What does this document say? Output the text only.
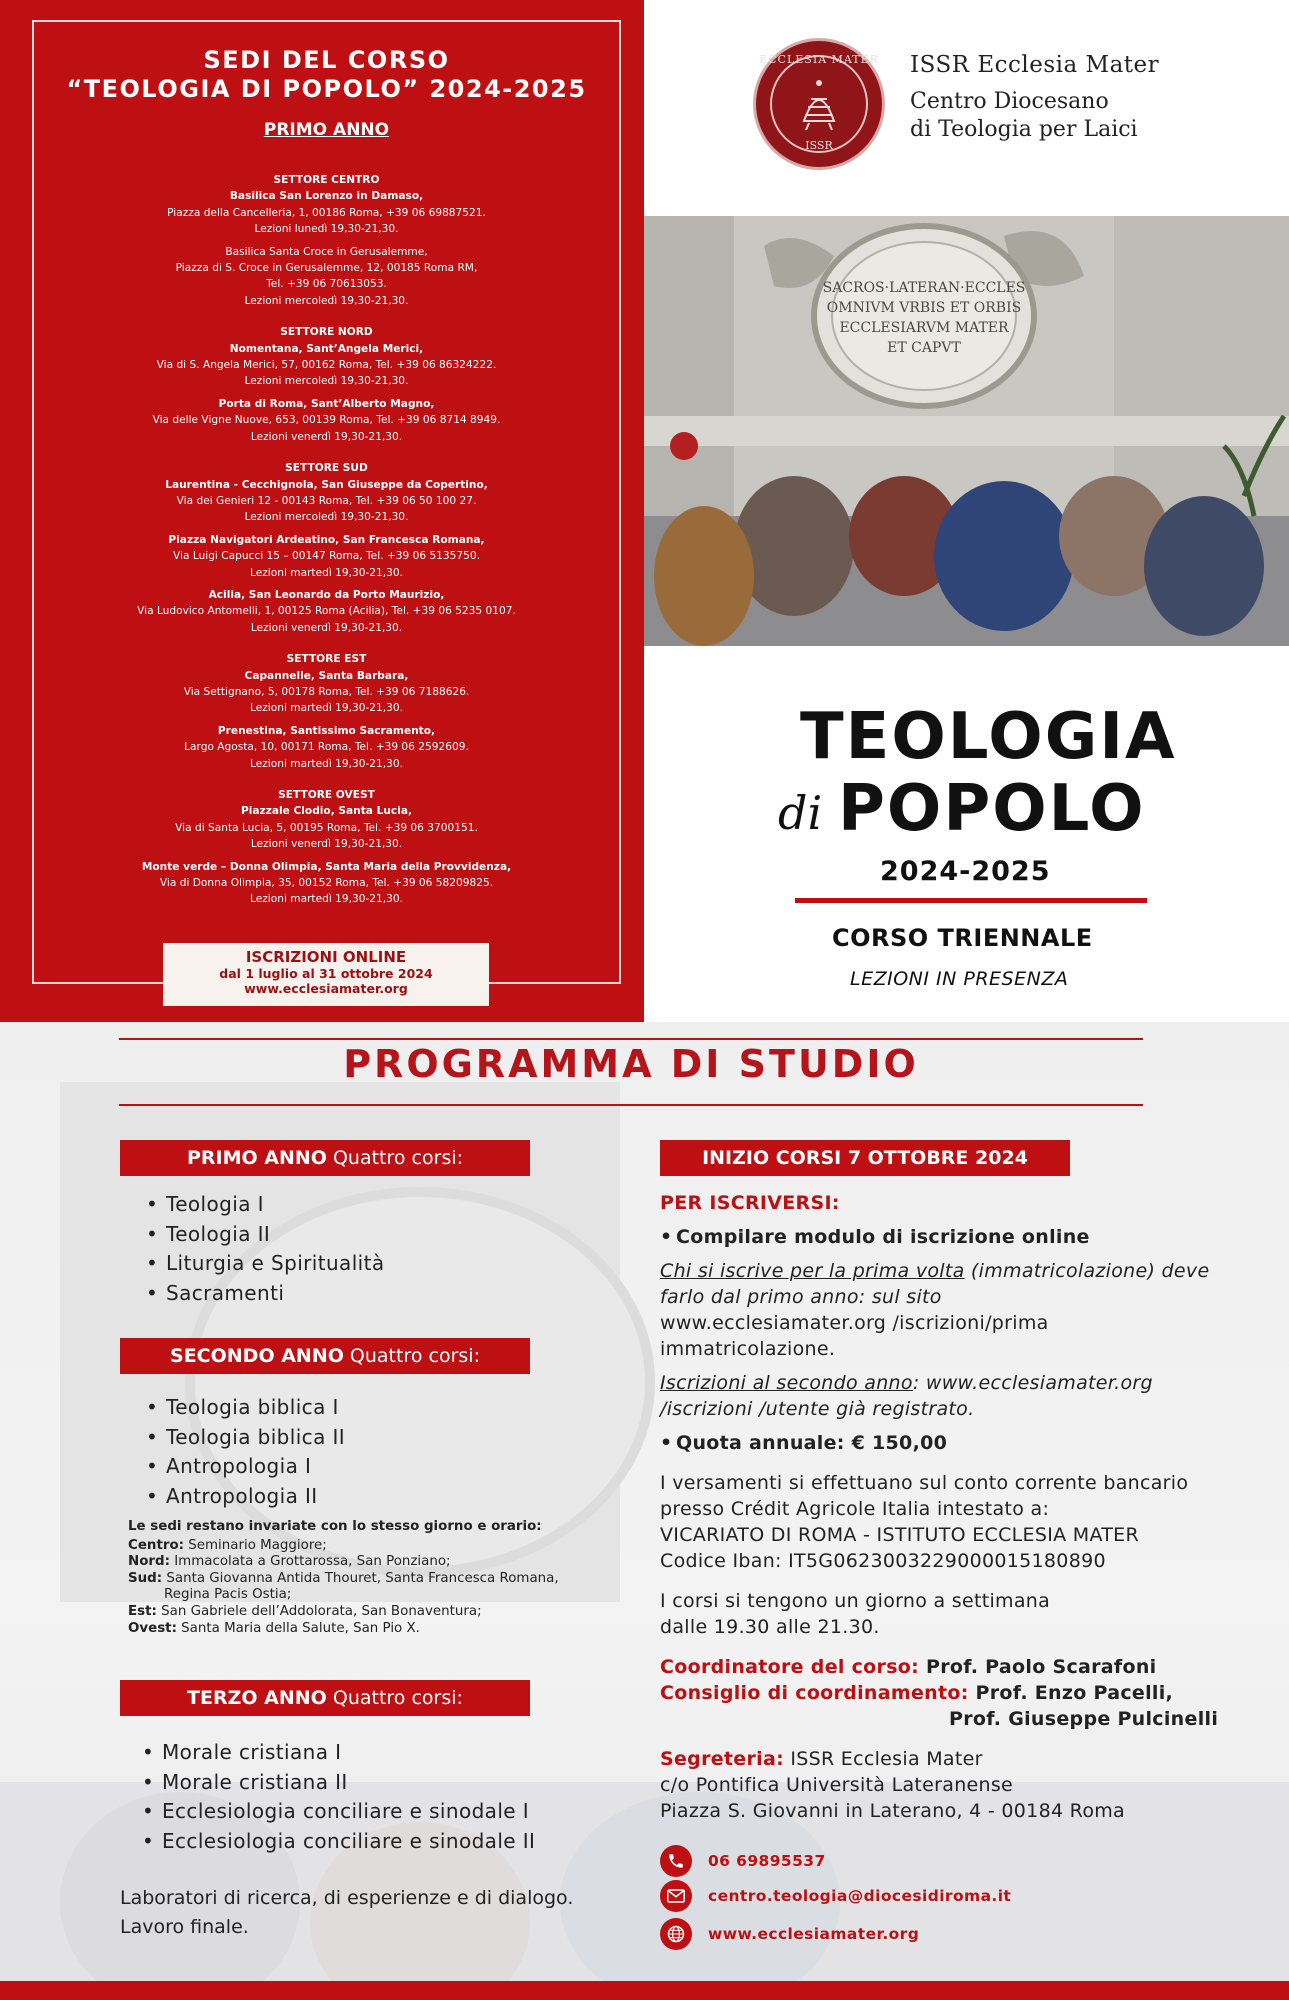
SEDI DEL CORSO
“TEOLOGIA DI POPOLO” 2024-2025
PRIMO ANNO
SETTORE CENTRO
Basilica San Lorenzo in Damaso,
Piazza della Cancelleria, 1, 00186 Roma, +39 06 69887521.
Lezioni lunedì 19,30-21,30.
Basilica Santa Croce in Gerusalemme,
Piazza di S. Croce in Gerusalemme, 12, 00185 Roma RM,
Tel. +39 06 70613053.
Lezioni mercoledì 19,30-21,30.
SETTORE NORD
Nomentana, Sant’Angela Merici,
Via di S. Angela Merici, 57, 00162 Roma, Tel. +39 06 86324222.
Lezioni mercoledì 19,30-21,30.
Porta di Roma, Sant’Alberto Magno,
Via delle Vigne Nuove, 653, 00139 Roma, Tel. +39 06 8714 8949.
Lezioni venerdì 19,30-21,30.
SETTORE SUD
Laurentina - Cecchignola, San Giuseppe da Copertino,
Via dei Genieri 12 - 00143 Roma, Tel. +39 06 50 100 27.
Lezioni mercoledì 19,30-21,30.
Piazza Navigatori Ardeatino, San Francesca Romana,
Via Luigi Capucci 15 – 00147 Roma, Tel. +39 06 5135750.
Lezioni martedì 19,30-21,30.
Acilia, San Leonardo da Porto Maurizio,
Via Ludovico Antomelli, 1, 00125 Roma (Acilia), Tel. +39 06 5235 0107.
Lezioni venerdì 19,30-21,30.
SETTORE EST
Capannelle, Santa Barbara,
Via Settignano, 5, 00178 Roma, Tel. +39 06 7188626.
Lezioni martedì 19,30-21,30.
Prenestina, Santissimo Sacramento,
Largo Agosta, 10, 00171 Roma, Tel. +39 06 2592609.
Lezioni martedì 19,30-21,30.
SETTORE OVEST
Piazzale Clodio, Santa Lucia,
Via di Santa Lucia, 5, 00195 Roma, Tel. +39 06 3700151.
Lezioni venerdì 19,30-21,30.
Monte verde – Donna Olimpia, Santa Maria della Provvidenza,
Via di Donna Olimpia, 35, 00152 Roma, Tel. +39 06 58209825.
Lezioni martedì 19,30-21,30.
ISCRIZIONI ONLINE
dal 1 luglio al 31 ottobre 2024
www.ecclesiamater.org
ECCLESIA MATER
ISSR
ISSR Ecclesia Mater
Centro Diocesano
di Teologia per Laici
SACROS·LATERAN·ECCLES
OMNIVM VRBIS ET ORBIS
ECCLESIARVM MATER
ET CAPVT
TEOLOGIA
di POPOLO
2024-2025
CORSO TRIENNALE
LEZIONI IN PRESENZA
PROGRAMMA DI STUDIO
PRIMO ANNO Quattro corsi:
• Teologia I
• Teologia II
• Liturgia e Spiritualità
• Sacramenti
SECONDO ANNO Quattro corsi:
• Teologia biblica I
• Teologia biblica II
• Antropologia I
• Antropologia II
Le sedi restano invariate con lo stesso giorno e orario:
Centro: Seminario Maggiore;
Nord: Immacolata a Grottarossa, San Ponziano;
Sud: Santa Giovanna Antida Thouret, Santa Francesca Romana,
Regina Pacis Ostia;
Est: San Gabriele dell’Addolorata, San Bonaventura;
Ovest: Santa Maria della Salute, San Pio X.
TERZO ANNO Quattro corsi:
• Morale cristiana I
• Morale cristiana II
• Ecclesiologia conciliare e sinodale I
• Ecclesiologia conciliare e sinodale II
Laboratori di ricerca, di esperienze e di dialogo.
Lavoro finale.
INIZIO CORSI 7 OTTOBRE 2024
PER ISCRIVERSI:
• Compilare modulo di iscrizione online
Chi si iscrive per la prima volta (immatricolazione) deve
farlo dal primo anno: sul sito
www.ecclesiamater.org /iscrizioni/prima
immatricolazione.
Iscrizioni al secondo anno: www.ecclesiamater.org
/iscrizioni /utente già registrato.
• Quota annuale: € 150,00
I versamenti si effettuano sul conto corrente bancario
presso Crédit Agricole Italia intestato a:
VICARIATO DI ROMA - ISTITUTO ECCLESIA MATER
Codice Iban: IT5G0623003229000015180890
I corsi si tengono un giorno a settimana
dalle 19.30 alle 21.30.
Coordinatore del corso: Prof. Paolo Scarafoni
Consiglio di coordinamento: Prof. Enzo Pacelli,
Prof. Giuseppe Pulcinelli
Segreteria: ISSR Ecclesia Mater
c/o Pontifica Università Lateranense
Piazza S. Giovanni in Laterano, 4 - 00184 Roma
06 69895537
centro.teologia@diocesidiroma.it
www.ecclesiamater.org
